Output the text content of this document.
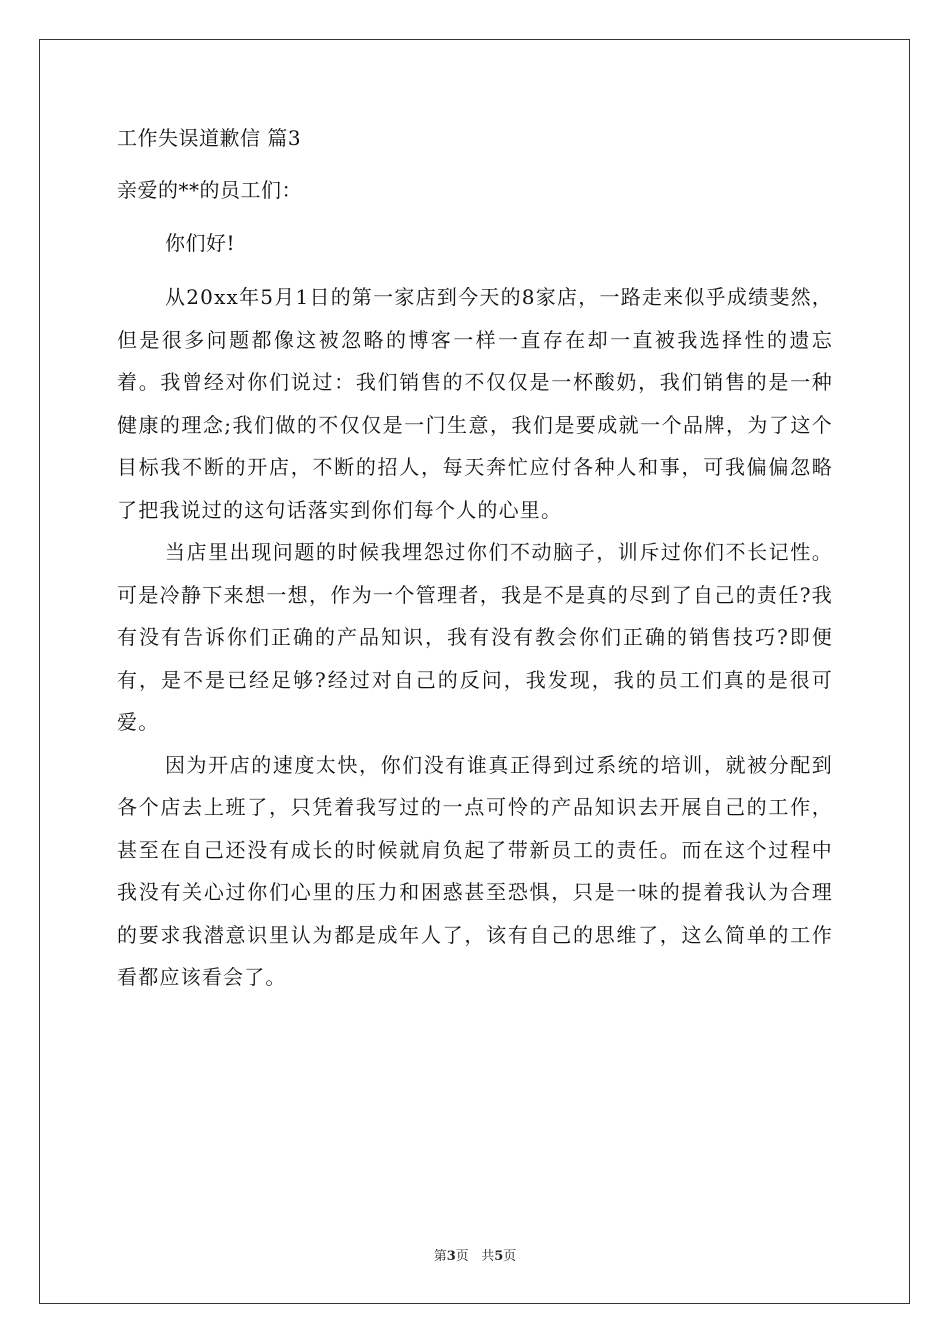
工作失误道歉信 篇3

亲爱的**的员工们：

你们好!

从20xx年5月1日的第一家店到今天的8家店，一路走来似乎成绩斐然，但是很多问题都像这被忽略的博客一样一直存在却一直被我选择性的遗忘着。我曾经对你们说过：我们销售的不仅仅是一杯酸奶，我们销售的是一种健康的理念;我们做的不仅仅是一门生意，我们是要成就一个品牌，为了这个目标我不断的开店，不断的招人，每天奔忙应付各种人和事，可我偏偏忽略了把我说过的这句话落实到你们每个人的心里。

当店里出现问题的时候我埋怨过你们不动脑子，训斥过你们不长记性。可是冷静下来想一想，作为一个管理者，我是不是真的尽到了自己的责任?我有没有告诉你们正确的产品知识，我有没有教会你们正确的销售技巧?即便有，是不是已经足够?经过对自己的反问，我发现，我的员工们真的是很可爱。

因为开店的速度太快，你们没有谁真正得到过系统的培训，就被分配到各个店去上班了，只凭着我写过的一点可怜的产品知识去开展自己的工作，甚至在自己还没有成长的时候就肩负起了带新员工的责任。而在这个过程中我没有关心过你们心里的压力和困惑甚至恐惧，只是一味的提着我认为合理的要求我潜意识里认为都是成年人了，该有自己的思维了，这么简单的工作看都应该看会了。

第3页 共5页
